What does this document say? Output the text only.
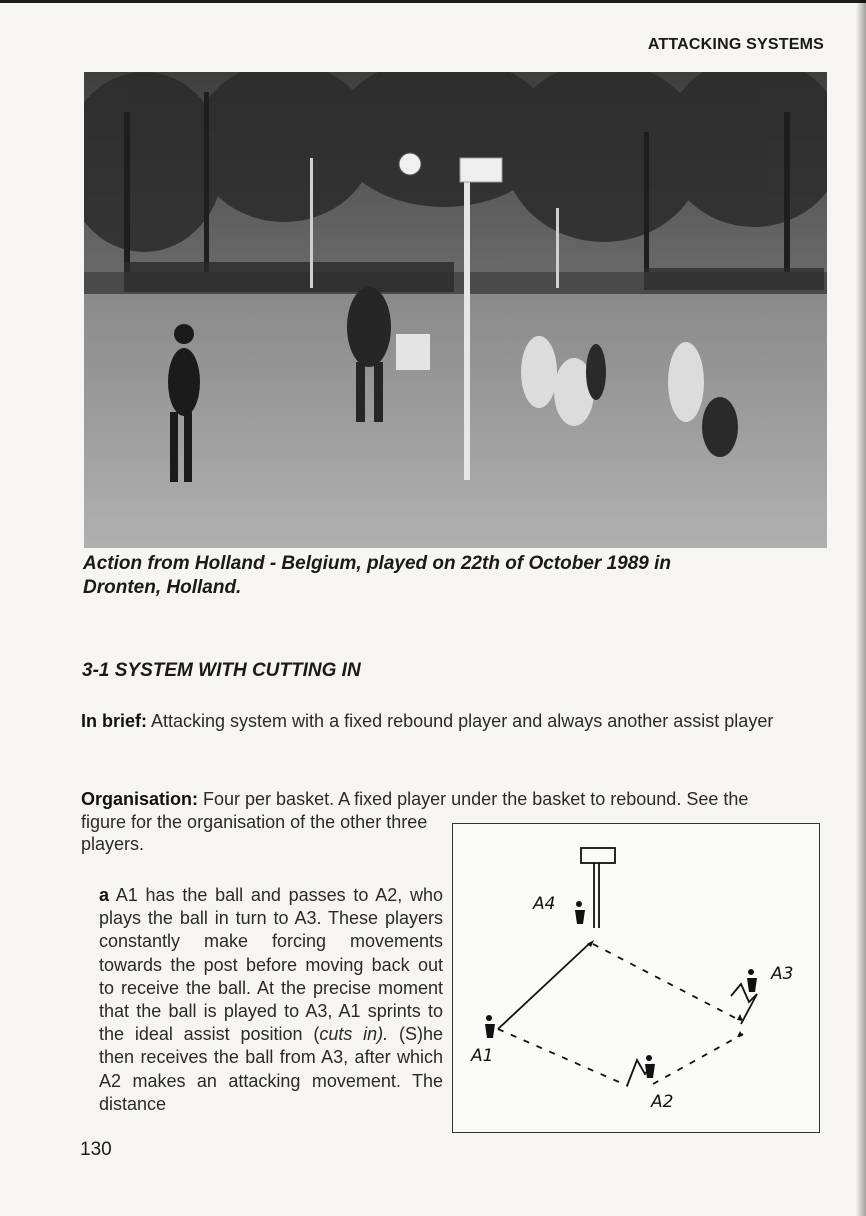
ATTACKING SYSTEMS
Action from Holland - Belgium, played on 22th of October 1989 in
Dronten, Holland.
3-1 SYSTEM WITH CUTTING IN
In brief: Attacking system with a fixed rebound player and always another assist player
Organisation: Four per basket. A fixed player under the basket to rebound. See the
figure for the organisation of the other three players.
a A1 has the ball and passes to A2, who plays the ball in turn to A3. These players constantly make forcing movements towards the post before moving back out to receive the ball. At the precise moment that the ball is played to A3, A1 sprints to the ideal assist position (cuts in). (S)he then receives the ball from A3, after which A2 makes an attacking movement. The distance
A4
A1
A3
A2
130
